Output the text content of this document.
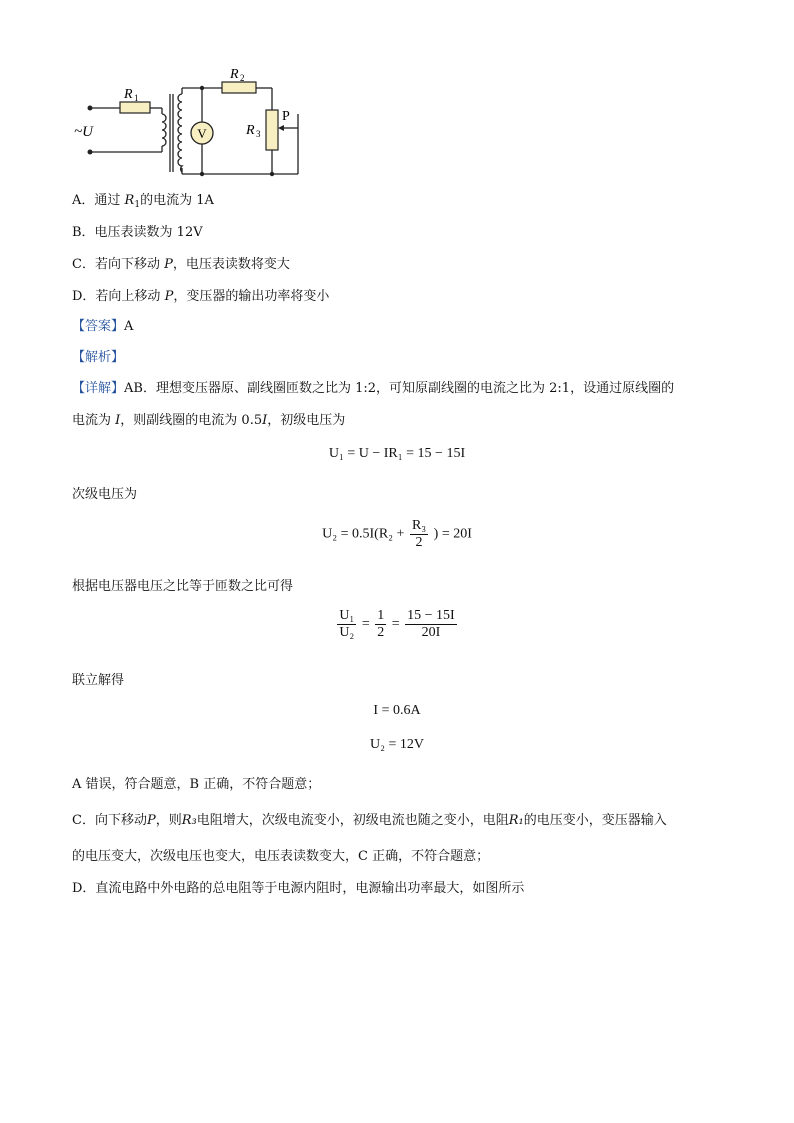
V
R 1
R 2
R 3
P
~U
A．通过 $R_1$的电流为 1A
B．电压表读数为 12V
C．若向下移动 P，电压表读数将变大
D．若向上移动 P，变压器的输出功率将变小
【答案】A
【解析】
【详解】AB．理想变压器原、副线圈匝数之比为 1:2，可知原副线圈的电流之比为 2:1，设通过原线圈的
电流为 I，则副线圈的电流为 0.5I，初级电压为
U₁ = U − IR₁ = 15 − 15I
次级电压为
$U_2 = 0.5I(R_2 + \frac{\text{R₃}}{2}$ ) = 20I
根据电压器电压之比等于匝数之比可得
$\frac{\text{U₁}}{\text{U₂}} = \frac{1}{2} = \frac{15 - 15I}{20I}$
联立解得
I = 0.6A
U₂ = 12V
A 错误，符合题意，B 正确，不符合题意；
C．向下移动P，则R₃电阻增大，次级电流变小，初级电流也随之变小，电阻R₁的电压变小，变压器输入
的电压变大，次级电压也变大，电压表读数变大，C 正确，不符合题意；
D．直流电路中外电路的总电阻等于电源内阻时，电源输出功率最大，如图所示
